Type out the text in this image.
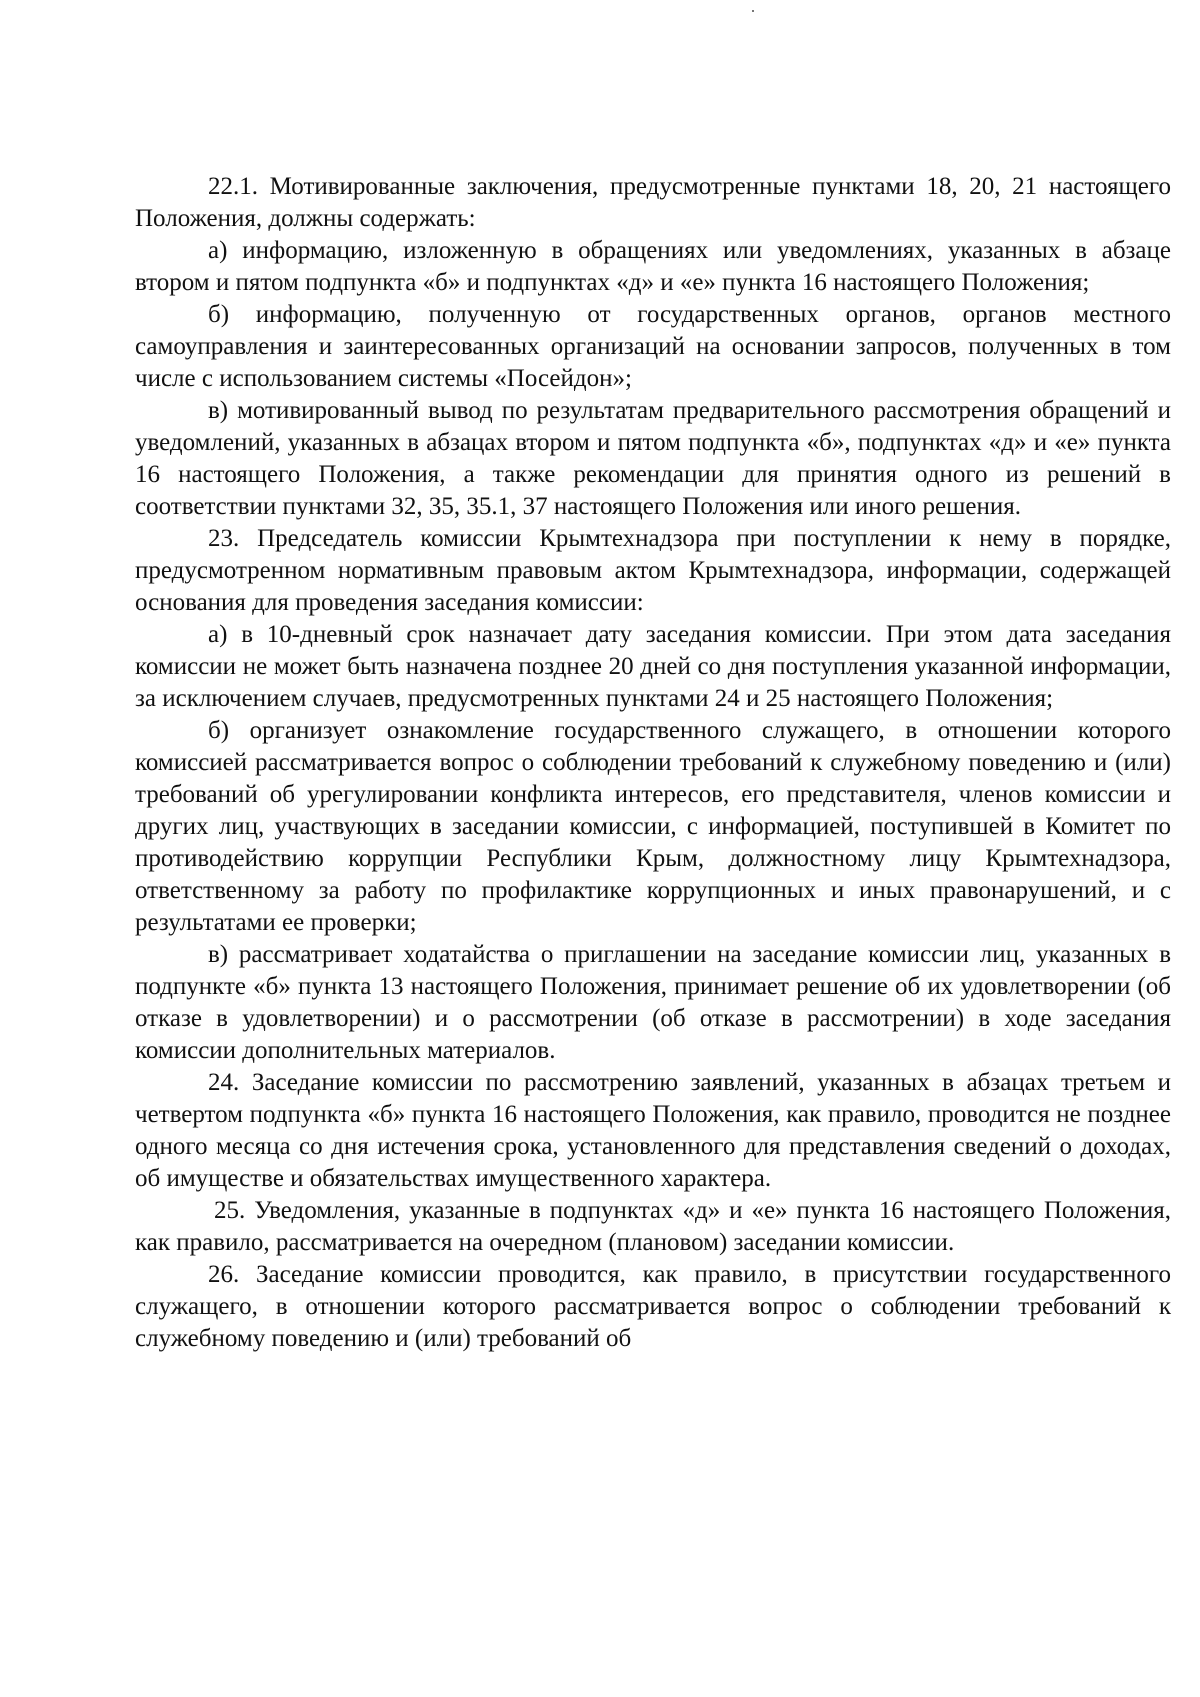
22.1. Мотивированные заключения, предусмотренные пунктами 18, 20, 21 настоящего Положения, должны содержать:

а) информацию, изложенную в обращениях или уведомлениях, указанных в абзаце втором и пятом подпункта «б» и подпунктах «д» и «е» пункта 16 настоящего Положения;

б) информацию, полученную от государственных органов, органов местного самоуправления и заинтересованных организаций на основании запросов, полученных в том числе с использованием системы «Посейдон»;

в) мотивированный вывод по результатам предварительного рассмотрения обращений и уведомлений, указанных в абзацах втором и пятом подпункта «б», подпунктах «д» и «е» пункта 16 настоящего Положения, а также рекомендации для принятия одного из решений в соответствии пунктами 32, 35, 35.1, 37 настоящего Положения или иного решения.

23. Председатель комиссии Крымтехнадзора при поступлении к нему в порядке, предусмотренном нормативным правовым актом Крымтехнадзора, информации, содержащей основания для проведения заседания комиссии:

а) в 10-дневный срок назначает дату заседания комиссии. При этом дата заседания комиссии не может быть назначена позднее 20 дней со дня поступления указанной информации, за исключением случаев, предусмотренных пунктами 24 и 25 настоящего Положения;

б) организует ознакомление государственного служащего, в отношении которого комиссией рассматривается вопрос о соблюдении требований к служебному поведению и (или) требований об урегулировании конфликта интересов, его представителя, членов комиссии и других лиц, участвующих в заседании комиссии, с информацией, поступившей в Комитет по противодействию коррупции Республики Крым, должностному лицу Крымтехнадзора, ответственному за работу по профилактике коррупционных и иных правонарушений, и с результатами ее проверки;

в) рассматривает ходатайства о приглашении на заседание комиссии лиц, указанных в подпункте «б» пункта 13 настоящего Положения, принимает решение об их удовлетворении (об отказе в удовлетворении) и о рассмотрении (об отказе в рассмотрении) в ходе заседания комиссии дополнительных материалов.

24. Заседание комиссии по рассмотрению заявлений, указанных в абзацах третьем и четвертом подпункта «б» пункта 16 настоящего Положения, как правило, проводится не позднее одного месяца со дня истечения срока, установленного для представления сведений о доходах, об имуществе и обязательствах имущественного характера.

25. Уведомления, указанные в подпунктах «д» и «е» пункта 16 настоящего Положения, как правило, рассматривается на очередном (плановом) заседании комиссии.

26. Заседание комиссии проводится, как правило, в присутствии государственного служащего, в отношении которого рассматривается вопрос о соблюдении требований к служебному поведению и (или) требований об
